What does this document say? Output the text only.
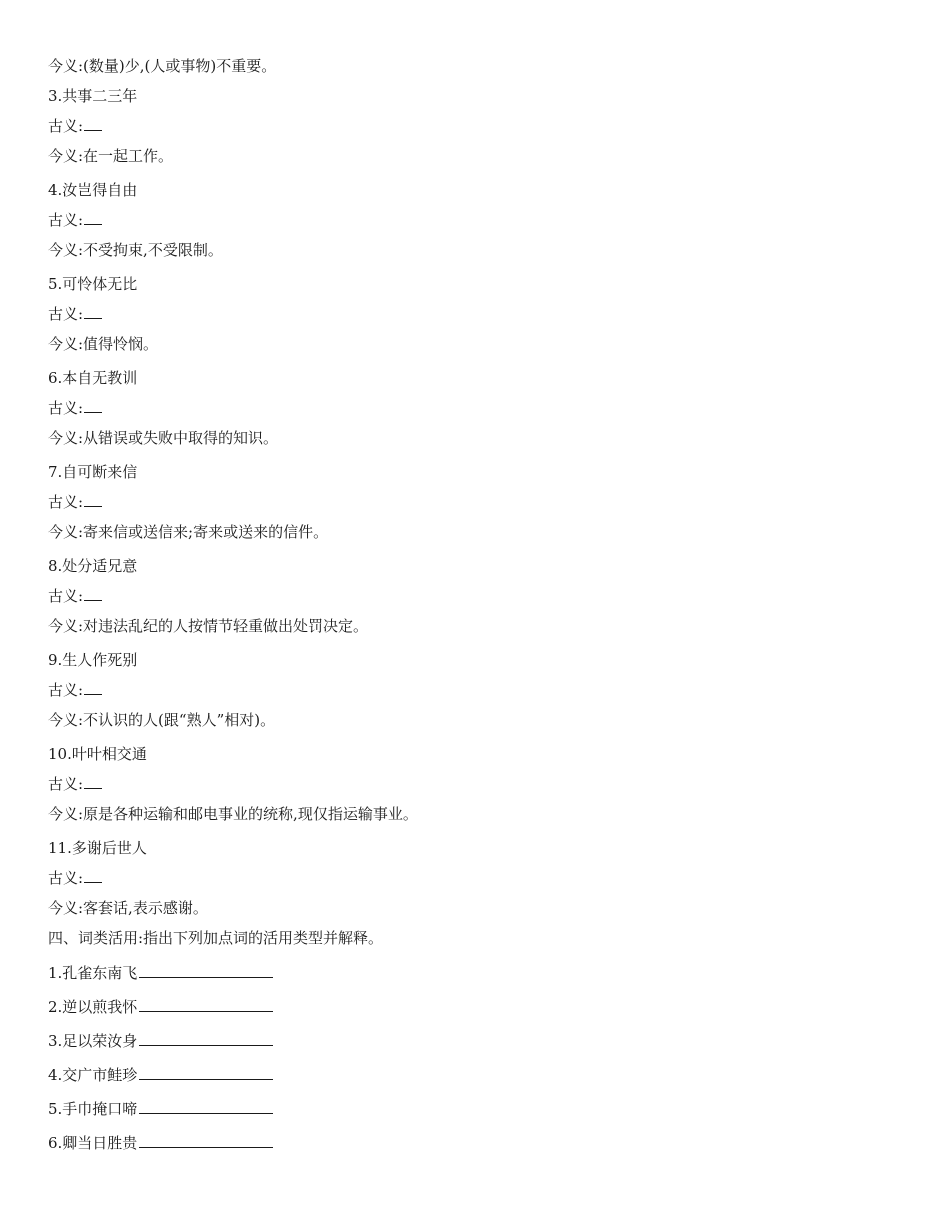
今义:(数量)少,(人或事物)不重要。
3.共事二三年
古义:
今义:在一起工作。
4.汝岂得自由
古义:
今义:不受拘束,不受限制。
5.可怜体无比
古义:
今义:值得怜悯。
6.本自无教训
古义:
今义:从错误或失败中取得的知识。
7.自可断来信
古义:
今义:寄来信或送信来;寄来或送来的信件。
8.处分适兄意
古义:
今义:对违法乱纪的人按情节轻重做出处罚决定。
9.生人作死别
古义:
今义:不认识的人(跟“熟人”相对)。
10.叶叶相交通
古义:
今义:原是各种运输和邮电事业的统称,现仅指运输事业。
11.多谢后世人
古义:
今义:客套话,表示感谢。
四、词类活用:指出下列加点词的活用类型并解释。
1.孔雀东南飞
2.逆以煎我怀
3.足以荣汝身
4.交广市鲑珍
5.手巾掩口啼
6.卿当日胜贵
